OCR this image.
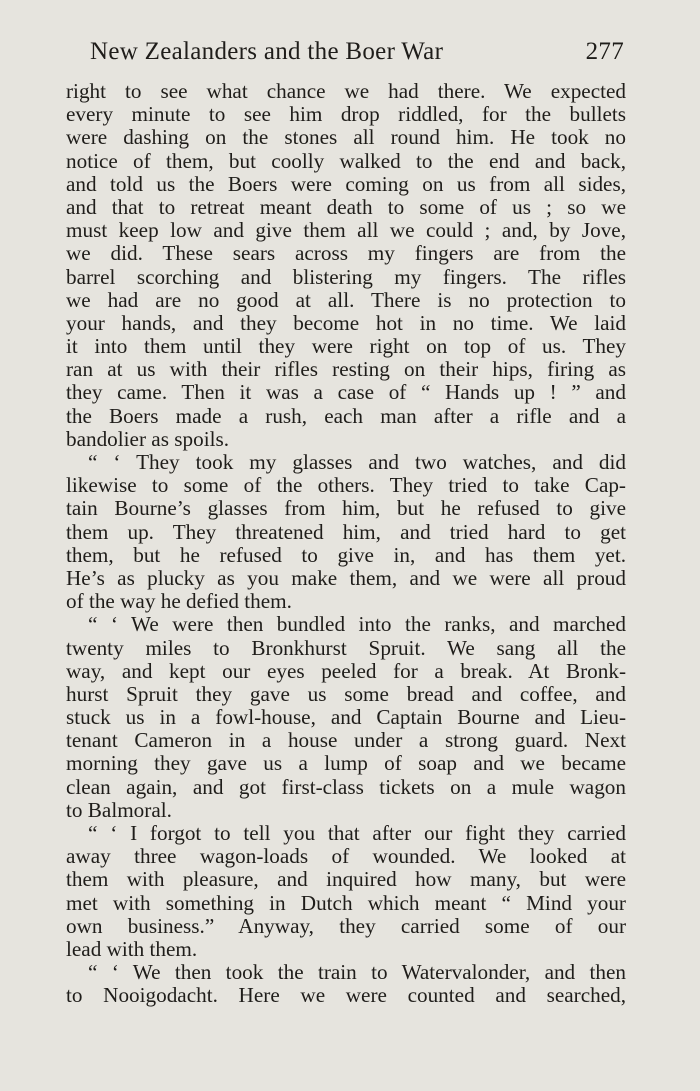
New Zealanders and the Boer War	277
right to see what chance we had there. We expected
every minute to see him drop riddled, for the bullets
were dashing on the stones all round him. He took no
notice of them, but coolly walked to the end and back,
and told us the Boers were coming on us from all sides,
and that to retreat meant death to some of us ; so we
must keep low and give them all we could ; and, by Jove,
we did. These sears across my fingers are from the
barrel scorching and blistering my fingers. The rifles
we had are no good at all. There is no protection to
your hands, and they become hot in no time. We laid
it into them until they were right on top of us. They
ran at us with their rifles resting on their hips, firing as
they came. Then it was a case of “ Hands up ! ” and
the Boers made a rush, each man after a rifle and a
bandolier as spoils.
“ ‘ They took my glasses and two watches, and did
likewise to some of the others. They tried to take Cap-
tain Bourne’s glasses from him, but he refused to give
them up. They threatened him, and tried hard to get
them, but he refused to give in, and has them yet.
He’s as plucky as you make them, and we were all proud
of the way he defied them.
“ ‘ We were then bundled into the ranks, and marched
twenty miles to Bronkhurst Spruit. We sang all the
way, and kept our eyes peeled for a break. At Bronk-
hurst Spruit they gave us some bread and coffee, and
stuck us in a fowl-house, and Captain Bourne and Lieu-
tenant Cameron in a house under a strong guard. Next
morning they gave us a lump of soap and we became
clean again, and got first-class tickets on a mule wagon
to Balmoral.
“ ‘ I forgot to tell you that after our fight they carried
away three wagon-loads of wounded. We looked at
them with pleasure, and inquired how many, but were
met with something in Dutch which meant “ Mind your
own business.” Anyway, they carried some of our
lead with them.
“ ‘ We then took the train to Watervalonder, and then
to Nooigodacht. Here we were counted and searched,
